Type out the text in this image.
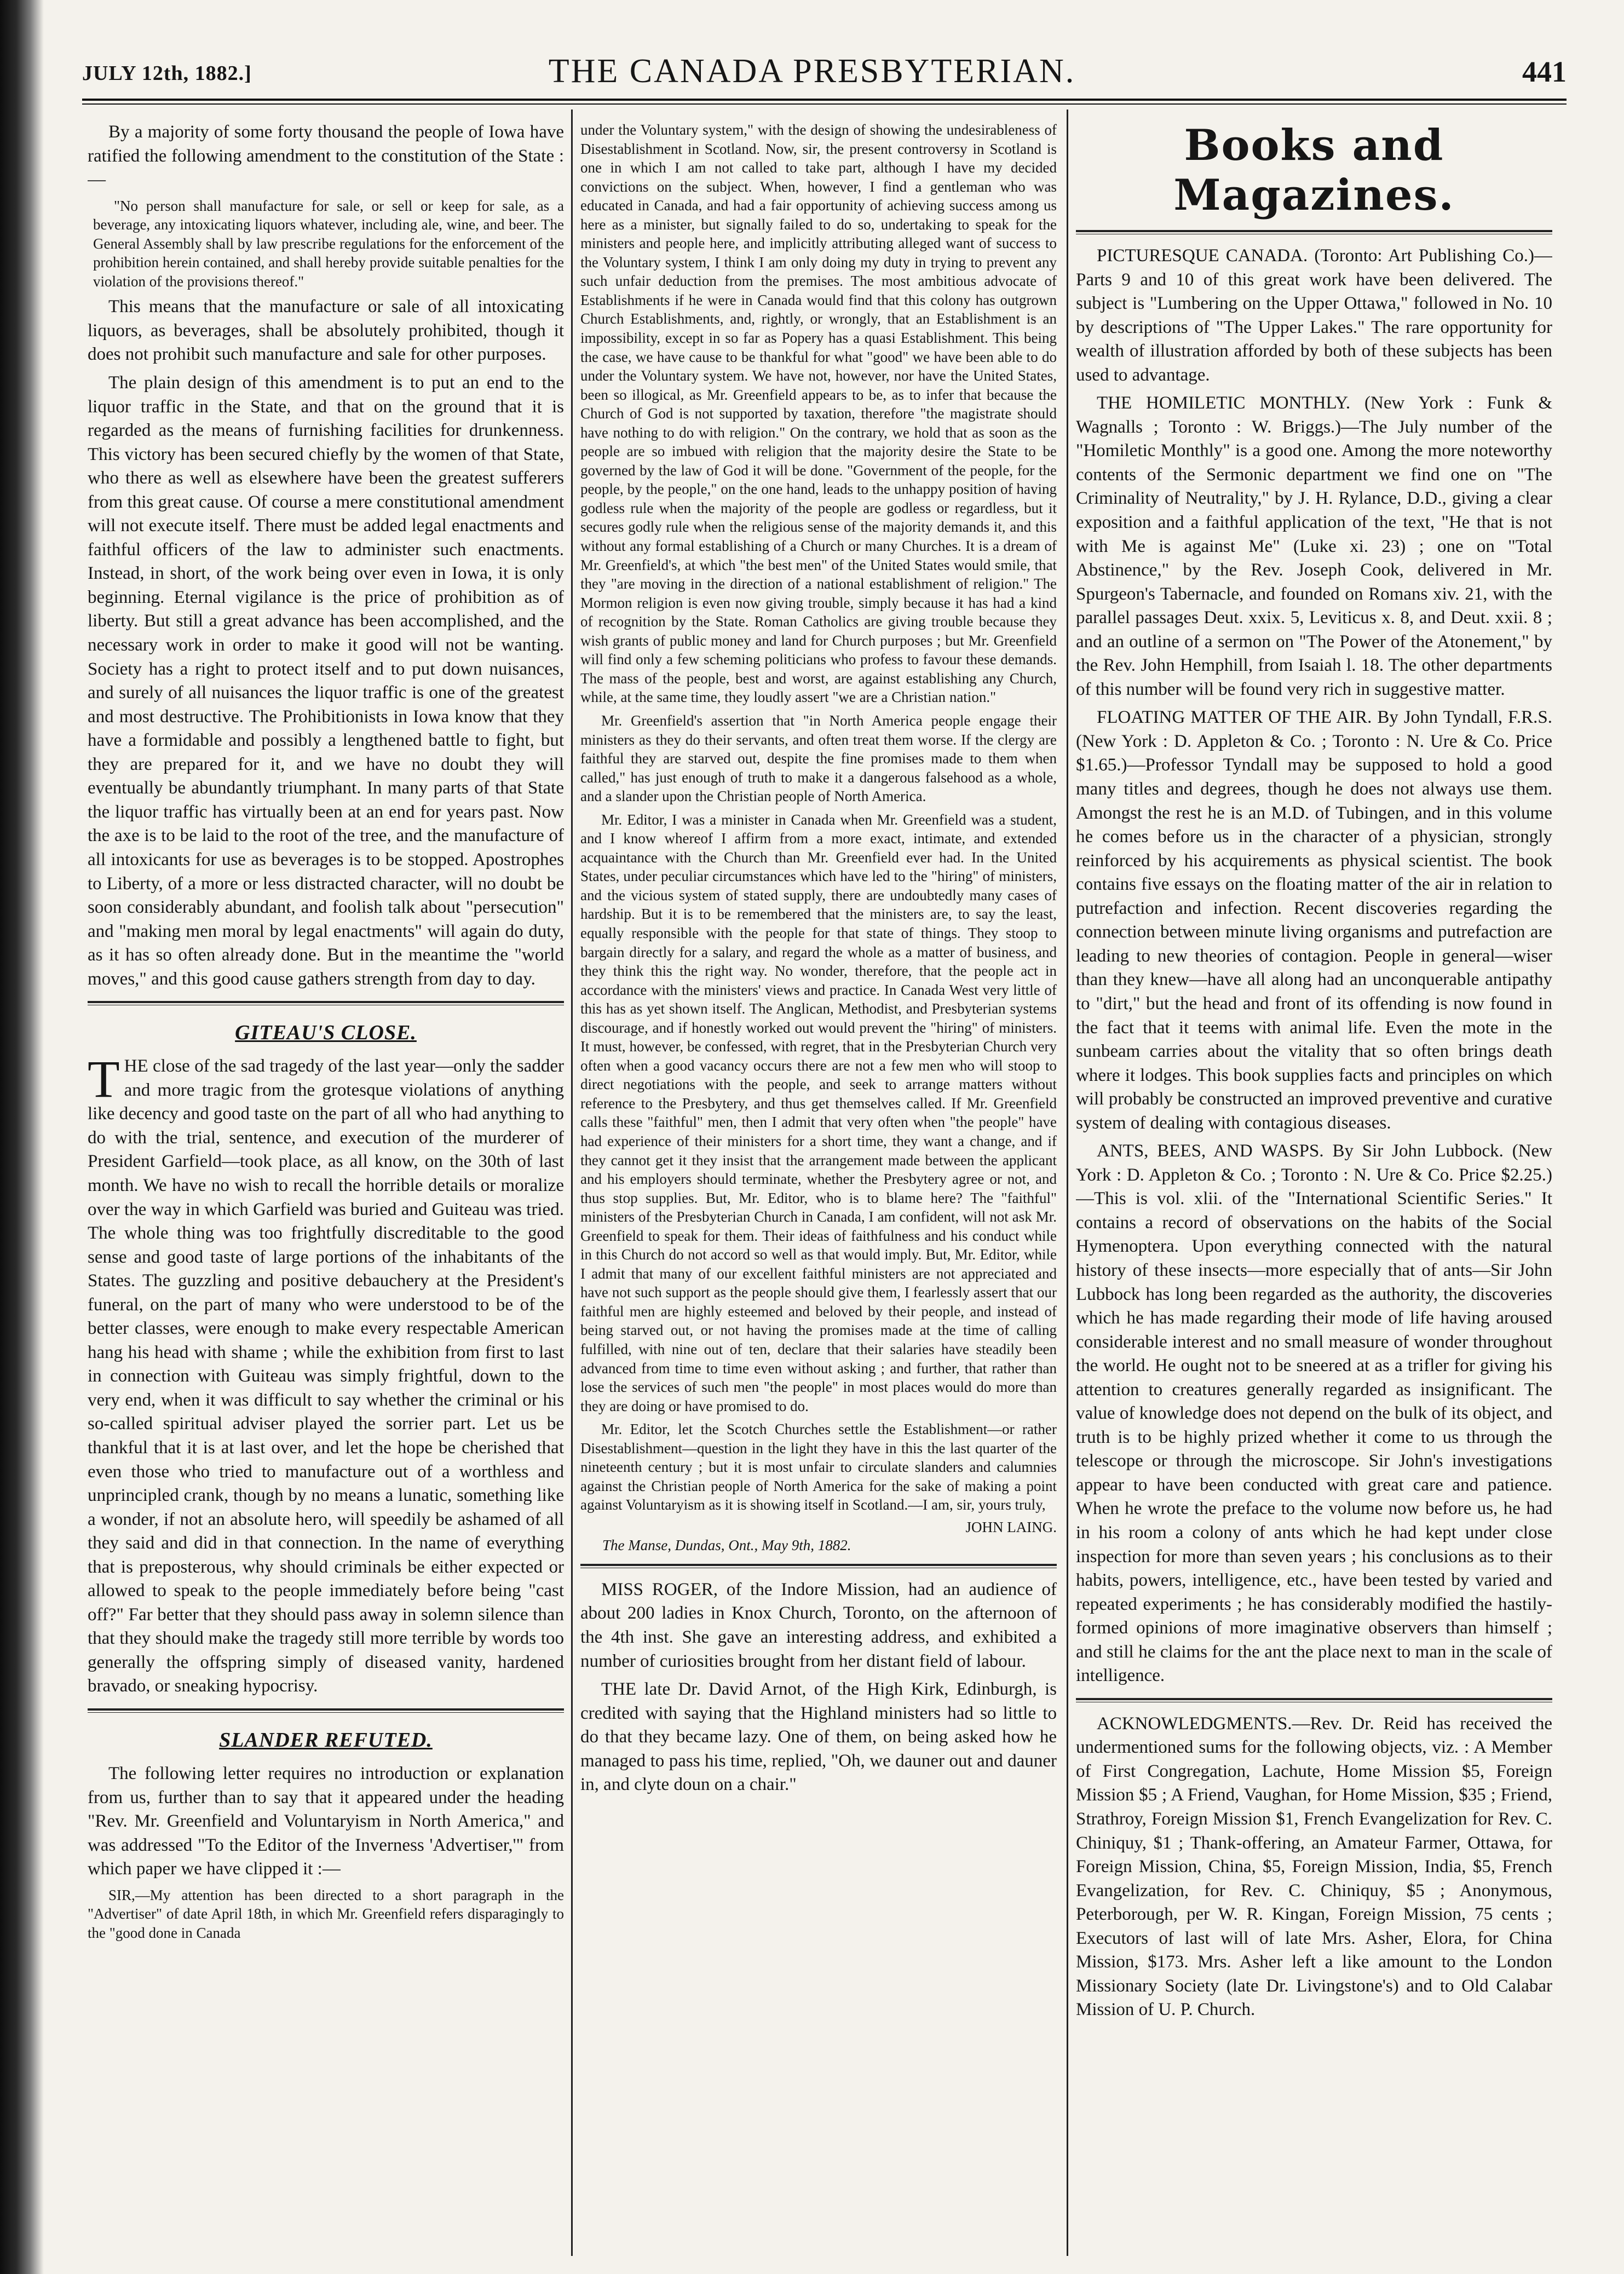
JULY 12th, 1882.]	THE CANADA PRESBYTERIAN.	441

By a majority of some forty thousand the people of Iowa have ratified the following amendment to the constitution of the State :—

"No person shall manufacture for sale, or sell or keep for sale, as a beverage, any intoxicating liquors whatever, including ale, wine, and beer. The General Assembly shall by law prescribe regulations for the enforcement of the prohibition herein contained, and shall hereby provide suitable penalties for the violation of the provisions thereof."

This means that the manufacture or sale of all intoxicating liquors, as beverages, shall be absolutely prohibited, though it does not prohibit such manufacture and sale for other purposes.

The plain design of this amendment is to put an end to the liquor traffic in the State, and that on the ground that it is regarded as the means of furnishing facilities for drunkenness. This victory has been secured chiefly by the women of that State, who there as well as elsewhere have been the greatest sufferers from this great cause. Of course a mere constitutional amendment will not execute itself. There must be added legal enactments and faithful officers of the law to administer such enactments. Instead, in short, of the work being over even in Iowa, it is only beginning. Eternal vigilance is the price of prohibition as of liberty. But still a great advance has been accomplished, and the necessary work in order to make it good will not be wanting. Society has a right to protect itself and to put down nuisances, and surely of all nuisances the liquor traffic is one of the greatest and most destructive. The Prohibitionists in Iowa know that they have a formidable and possibly a lengthened battle to fight, but they are prepared for it, and we have no doubt they will eventually be abundantly triumphant. In many parts of that State the liquor traffic has virtually been at an end for years past. Now the axe is to be laid to the root of the tree, and the manufacture of all intoxicants for use as beverages is to be stopped. Apostrophes to Liberty, of a more or less distracted character, will no doubt be soon considerably abundant, and foolish talk about "persecution" and "making men moral by legal enactments" will again do duty, as it has so often already done. But in the meantime the "world moves," and this good cause gathers strength from day to day.

GITEAU'S CLOSE.

THE close of the sad tragedy of the last year—only the sadder and more tragic from the grotesque violations of anything like decency and good taste on the part of all who had anything to do with the trial, sentence, and execution of the murderer of President Garfield—took place, as all know, on the 30th of last month. We have no wish to recall the horrible details or moralize over the way in which Garfield was buried and Guiteau was tried. The whole thing was too frightfully discreditable to the good sense and good taste of large portions of the inhabitants of the States. The guzzling and positive debauchery at the President's funeral, on the part of many who were understood to be of the better classes, were enough to make every respectable American hang his head with shame ; while the exhibition from first to last in connection with Guiteau was simply frightful, down to the very end, when it was difficult to say whether the criminal or his so-called spiritual adviser played the sorrier part. Let us be thankful that it is at last over, and let the hope be cherished that even those who tried to manufacture out of a worthless and unprincipled crank, though by no means a lunatic, something like a wonder, if not an absolute hero, will speedily be ashamed of all they said and did in that connection. In the name of everything that is preposterous, why should criminals be either expected or allowed to speak to the people immediately before being "cast off?" Far better that they should pass away in solemn silence than that they should make the tragedy still more terrible by words too generally the offspring simply of diseased vanity, hardened bravado, or sneaking hypocrisy.

SLANDER REFUTED.

The following letter requires no introduction or explanation from us, further than to say that it appeared under the heading "Rev. Mr. Greenfield and Voluntaryism in North America," and was addressed "To the Editor of the Inverness 'Advertiser,'" from which paper we have clipped it :—

SIR,—My attention has been directed to a short paragraph in the "Advertiser" of date April 18th, in which Mr. Greenfield refers disparagingly to the "good done in Canada

under the Voluntary system," with the design of showing the undesirableness of Disestablishment in Scotland. Now, sir, the present controversy in Scotland is one in which I am not called to take part, although I have my decided convictions on the subject. When, however, I find a gentleman who was educated in Canada, and had a fair opportunity of achieving success among us here as a minister, but signally failed to do so, undertaking to speak for the ministers and people here, and implicitly attributing alleged want of success to the Voluntary system, I think I am only doing my duty in trying to prevent any such unfair deduction from the premises. The most ambitious advocate of Establishments if he were in Canada would find that this colony has outgrown Church Establishments, and, rightly, or wrongly, that an Establishment is an impossibility, except in so far as Popery has a quasi Establishment. This being the case, we have cause to be thankful for what "good" we have been able to do under the Voluntary system. We have not, however, nor have the United States, been so illogical, as Mr. Greenfield appears to be, as to infer that because the Church of God is not supported by taxation, therefore "the magistrate should have nothing to do with religion." On the contrary, we hold that as soon as the people are so imbued with religion that the majority desire the State to be governed by the law of God it will be done. "Government of the people, for the people, by the people," on the one hand, leads to the unhappy position of having godless rule when the majority of the people are godless or regardless, but it secures godly rule when the religious sense of the majority demands it, and this without any formal establishing of a Church or many Churches. It is a dream of Mr. Greenfield's, at which "the best men" of the United States would smile, that they "are moving in the direction of a national establishment of religion." The Mormon religion is even now giving trouble, simply because it has had a kind of recognition by the State. Roman Catholics are giving trouble because they wish grants of public money and land for Church purposes ; but Mr. Greenfield will find only a few scheming politicians who profess to favour these demands. The mass of the people, best and worst, are against establishing any Church, while, at the same time, they loudly assert "we are a Christian nation."

Mr. Greenfield's assertion that "in North America people engage their ministers as they do their servants, and often treat them worse. If the clergy are faithful they are starved out, despite the fine promises made to them when called," has just enough of truth to make it a dangerous falsehood as a whole, and a slander upon the Christian people of North America.

Mr. Editor, I was a minister in Canada when Mr. Greenfield was a student, and I know whereof I affirm from a more exact, intimate, and extended acquaintance with the Church than Mr. Greenfield ever had. In the United States, under peculiar circumstances which have led to the "hiring" of ministers, and the vicious system of stated supply, there are undoubtedly many cases of hardship. But it is to be remembered that the ministers are, to say the least, equally responsible with the people for that state of things. They stoop to bargain directly for a salary, and regard the whole as a matter of business, and they think this the right way. No wonder, therefore, that the people act in accordance with the ministers' views and practice. In Canada West very little of this has as yet shown itself. The Anglican, Methodist, and Presbyterian systems discourage, and if honestly worked out would prevent the "hiring" of ministers. It must, however, be confessed, with regret, that in the Presbyterian Church very often when a good vacancy occurs there are not a few men who will stoop to direct negotiations with the people, and seek to arrange matters without reference to the Presbytery, and thus get themselves called. If Mr. Greenfield calls these "faithful" men, then I admit that very often when "the people" have had experience of their ministers for a short time, they want a change, and if they cannot get it they insist that the arrangement made between the applicant and his employers should terminate, whether the Presbytery agree or not, and thus stop supplies. But, Mr. Editor, who is to blame here? The "faithful" ministers of the Presbyterian Church in Canada, I am confident, will not ask Mr. Greenfield to speak for them. Their ideas of faithfulness and his conduct while in this Church do not accord so well as that would imply. But, Mr. Editor, while I admit that many of our excellent faithful ministers are not appreciated and have not such support as the people should give them, I fearlessly assert that our faithful men are highly esteemed and beloved by their people, and instead of being starved out, or not having the promises made at the time of calling fulfilled, with nine out of ten, declare that their salaries have steadily been advanced from time to time even without asking ; and further, that rather than lose the services of such men "the people" in most places would do more than they are doing or have promised to do.

Mr. Editor, let the Scotch Churches settle the Establishment—or rather Disestablishment—question in the light they have in this the last quarter of the nineteenth century ; but it is most unfair to circulate slanders and calumnies against the Christian people of North America for the sake of making a point against Voluntaryism as it is showing itself in Scotland.—I am, sir, yours truly,

JOHN LAING.
The Manse, Dundas, Ont., May 9th, 1882.

MISS ROGER, of the Indore Mission, had an audience of about 200 ladies in Knox Church, Toronto, on the afternoon of the 4th inst. She gave an interesting address, and exhibited a number of curiosities brought from her distant field of labour.

THE late Dr. David Arnot, of the High Kirk, Edinburgh, is credited with saying that the Highland ministers had so little to do that they became lazy. One of them, on being asked how he managed to pass his time, replied, "Oh, we dauner out and dauner in, and clyte doun on a chair."

Books and Magazines.

PICTURESQUE CANADA. (Toronto: Art Publishing Co.)—Parts 9 and 10 of this great work have been delivered. The subject is "Lumbering on the Upper Ottawa," followed in No. 10 by descriptions of "The Upper Lakes." The rare opportunity for wealth of illustration afforded by both of these subjects has been used to advantage.

THE HOMILETIC MONTHLY. (New York : Funk & Wagnalls ; Toronto : W. Briggs.)—The July number of the "Homiletic Monthly" is a good one. Among the more noteworthy contents of the Sermonic department we find one on "The Criminality of Neutrality," by J. H. Rylance, D.D., giving a clear exposition and a faithful application of the text, "He that is not with Me is against Me" (Luke xi. 23) ; one on "Total Abstinence," by the Rev. Joseph Cook, delivered in Mr. Spurgeon's Tabernacle, and founded on Romans xiv. 21, with the parallel passages Deut. xxix. 5, Leviticus x. 8, and Deut. xxii. 8 ; and an outline of a sermon on "The Power of the Atonement," by the Rev. John Hemphill, from Isaiah l. 18. The other departments of this number will be found very rich in suggestive matter.

FLOATING MATTER OF THE AIR. By John Tyndall, F.R.S. (New York : D. Appleton & Co. ; Toronto : N. Ure & Co. Price $1.65.)—Professor Tyndall may be supposed to hold a good many titles and degrees, though he does not always use them. Amongst the rest he is an M.D. of Tubingen, and in this volume he comes before us in the character of a physician, strongly reinforced by his acquirements as physical scientist. The book contains five essays on the floating matter of the air in relation to putrefaction and infection. Recent discoveries regarding the connection between minute living organisms and putrefaction are leading to new theories of contagion. People in general—wiser than they knew—have all along had an unconquerable antipathy to "dirt," but the head and front of its offending is now found in the fact that it teems with animal life. Even the mote in the sunbeam carries about the vitality that so often brings death where it lodges. This book supplies facts and principles on which will probably be constructed an improved preventive and curative system of dealing with contagious diseases.

ANTS, BEES, AND WASPS. By Sir John Lubbock. (New York : D. Appleton & Co. ; Toronto : N. Ure & Co. Price $2.25.)—This is vol. xlii. of the "International Scientific Series." It contains a record of observations on the habits of the Social Hymenoptera. Upon everything connected with the natural history of these insects—more especially that of ants—Sir John Lubbock has long been regarded as the authority, the discoveries which he has made regarding their mode of life having aroused considerable interest and no small measure of wonder throughout the world. He ought not to be sneered at as a trifler for giving his attention to creatures generally regarded as insignificant. The value of knowledge does not depend on the bulk of its object, and truth is to be highly prized whether it come to us through the telescope or through the microscope. Sir John's investigations appear to have been conducted with great care and patience. When he wrote the preface to the volume now before us, he had in his room a colony of ants which he had kept under close inspection for more than seven years ; his conclusions as to their habits, powers, intelligence, etc., have been tested by varied and repeated experiments ; he has considerably modified the hastily-formed opinions of more imaginative observers than himself ; and still he claims for the ant the place next to man in the scale of intelligence.

ACKNOWLEDGMENTS.—Rev. Dr. Reid has received the undermentioned sums for the following objects, viz. : A Member of First Congregation, Lachute, Home Mission $5, Foreign Mission $5 ; A Friend, Vaughan, for Home Mission, $35 ; Friend, Strathroy, Foreign Mission $1, French Evangelization for Rev. C. Chiniquy, $1 ; Thank-offering, an Amateur Farmer, Ottawa, for Foreign Mission, China, $5, Foreign Mission, India, $5, French Evangelization, for Rev. C. Chiniquy, $5 ; Anonymous, Peterborough, per W. R. Kingan, Foreign Mission, 75 cents ; Executors of last will of late Mrs. Asher, Elora, for China Mission, $173. Mrs. Asher left a like amount to the London Missionary Society (late Dr. Livingstone's) and to Old Calabar Mission of U. P. Church.
